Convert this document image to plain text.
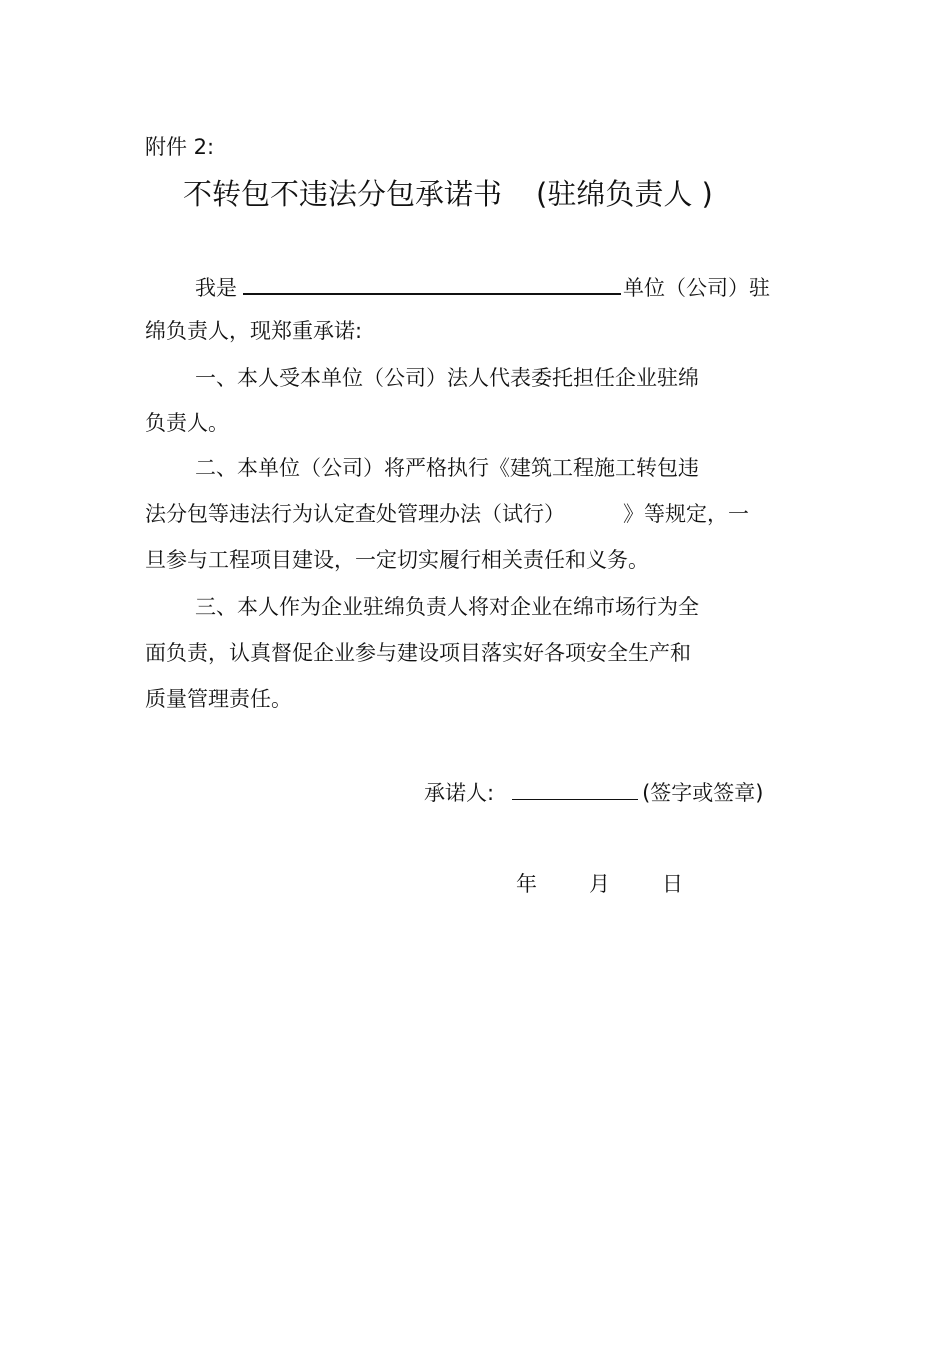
附件 2:
不转包不违法分包承诺书 (驻绵负责人 )
我是	单位（公司）驻
绵负责人，现郑重承诺:
一、本人受本单位（公司）法人代表委托担任企业驻绵
负责人。
二、本单位（公司）将严格执行《建筑工程施工转包违
法分包等违法行为认定查处管理办法（试行）	》等规定，一
旦参与工程项目建设，一定切实履行相关责任和义务。
三、本人作为企业驻绵负责人将对企业在绵市场行为全
面负责，认真督促企业参与建设项目落实好各项安全生产和
质量管理责任。
承诺人:	(签字或签章)
年 月 日
